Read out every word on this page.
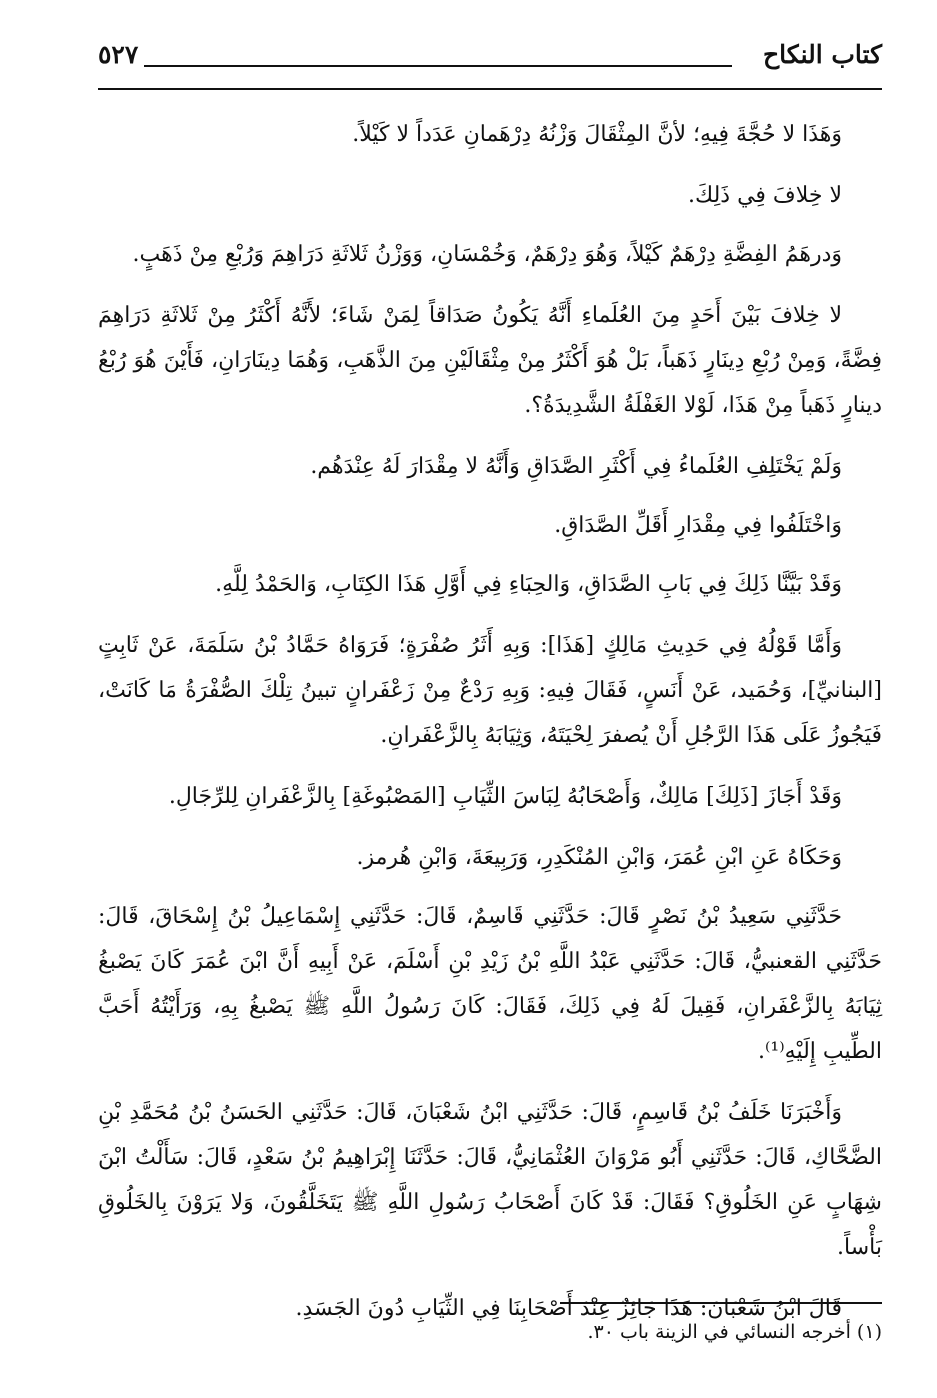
كتاب النكاح
٥٢٧

وَهَذَا لا حُجَّةَ فِيهِ؛ لأنَّ المِثْقَالَ وَزْنُهُ دِرْهَمانِ عَدَداً لا كَيْلاً.

لا خِلافَ فِي ذَلِكَ.

وَدرهَمُ الفِضَّةِ دِرْهَمٌ كَيْلاً، وَهُوَ دِرْهَمٌ، وَخُمْسَانِ، وَوَزْنُ ثَلاثَةِ دَرَاهِمَ وَرُبْعِ مِنْ ذَهَبٍ.

لا خِلافَ بَيْنَ أَحَدٍ مِنَ العُلَماءِ أَنَّهُ يَكُونُ صَدَاقاً لِمَنْ شَاءَ؛ لأَنَّهُ أَكْثَرُ مِنْ ثَلاثَةِ دَرَاهِمَ فِضَّةً، وَمِنْ رُبْعِ دِينَارٍ ذَهَباً، بَلْ هُوَ أَكْثَرُ مِنْ مِثْقَالَيْنِ مِنَ الذَّهَبِ، وَهُمَا دِينَارَانِ، فَأَيْنَ هُوَ رُبْعُ دينارٍ ذَهَباً مِنْ هَذَا، لَوْلا الغَفْلَةُ الشَّدِيدَةُ؟.

وَلَمْ يَخْتَلِفِ العُلَماءُ فِي أَكْثَرِ الصَّدَاقِ وَأَنَّهُ لا مِقْدَارَ لَهُ عِنْدَهُم.

وَاخْتَلَفُوا فِي مِقْدَارِ أَقَلِّ الصَّدَاقِ.

وَقَدْ بَيَّنَّا ذَلِكَ فِي بَابِ الصَّدَاقِ، وَالحِبَاءِ فِي أَوَّلِ هَذَا الكِتَابِ، وَالحَمْدُ لِلَّهِ.

وَأَمَّا قَوْلُهُ فِي حَدِيثِ مَالِكٍ [هَذَا]: وَبِهِ أَثَرُ صُفْرَةٍ؛ فَرَوَاهُ حَمَّادُ بْنُ سَلَمَةَ، عَنْ ثَابِتٍ [البنانيِّ]، وَحُمَيد، عَنْ أَنَسٍ، فَقَالَ فِيهِ: وَبِهِ رَدْعٌ مِنْ زَعْفَرانٍ تبينُ تِلْكَ الصُّفْرَةُ مَا كَانَتْ، فَيَجُوزُ عَلَى هَذَا الرَّجُلِ أَنْ يُصفرَ لِحْيَتَهُ، وَثِيَابَهُ بِالزَّعْفَرانِ.

وَقَدْ أَجَازَ [ذَلِكَ] مَالِكٌ، وَأَصْحَابُهُ لِبَاسَ الثِّيَابِ [المَصْبُوغَةِ] بِالزَّعْفَرانِ لِلرِّجَالِ.

وَحَكَاهُ عَنِ ابْنِ عُمَرَ، وَابْنِ المُنْكَدِرِ، وَرَبِيعَةَ، وَابْنِ هُرمز.

حَدَّثَنِي سَعِيدُ بْنُ نَصْرٍ قَالَ: حَدَّثَنِي قَاسِمٌ، قَالَ: حَدَّثَنِي إِسْمَاعِيلُ بْنُ إِسْحَاقَ، قَالَ: حَدَّثَنِي القعنبيُّ، قَالَ: حَدَّثَنِي عَبْدُ اللَّهِ بْنُ زَيْدِ بْنِ أَسْلَمَ، عَنْ أَبِيهِ أَنَّ ابْنَ عُمَرَ كَانَ يَصْبغُ ثِيَابَهُ بِالزَّعْفَرانِ، فَقِيلَ لَهُ فِي ذَلِكَ، فَقَالَ: كَانَ رَسُولُ اللَّهِ ﷺ يَصْبغُ بِهِ، وَرَأَيْتُهُ أَحَبَّ الطِّيبِ إِلَيْهِ⁽¹⁾.

وَأَخْبَرَنَا خَلَفُ بْنُ قَاسِمٍ، قَالَ: حَدَّثَنِي ابْنُ شَعْبَانَ، قَالَ: حَدَّثَنِي الحَسَنُ بْنُ مُحَمَّدِ بْنِ الضَّحَّاكِ، قَالَ: حَدَّثَنِي أَبُو مَرْوَانَ العُثْمَانِيُّ، قَالَ: حَدَّثَنَا إِبْرَاهِيمُ بْنُ سَعْدٍ، قَالَ: سَأَلْتُ ابْنَ شِهَابٍ عَنِ الخَلُوقِ؟ فَقَالَ: قَدْ كَانَ أَصْحَابُ رَسُولِ اللَّهِ ﷺ يَتَخَلَّقُونَ، وَلا يَرَوْنَ بِالخَلُوقِ بَأْساً.

قَالَ ابْنُ شَعْبَانَ: هَذَا جَائِزٌ عِنْدَ أَصْحَابِنَا فِي الثِّيَابِ دُونَ الجَسَدِ.

(١) أخرجه النسائي في الزينة باب ٣٠.
